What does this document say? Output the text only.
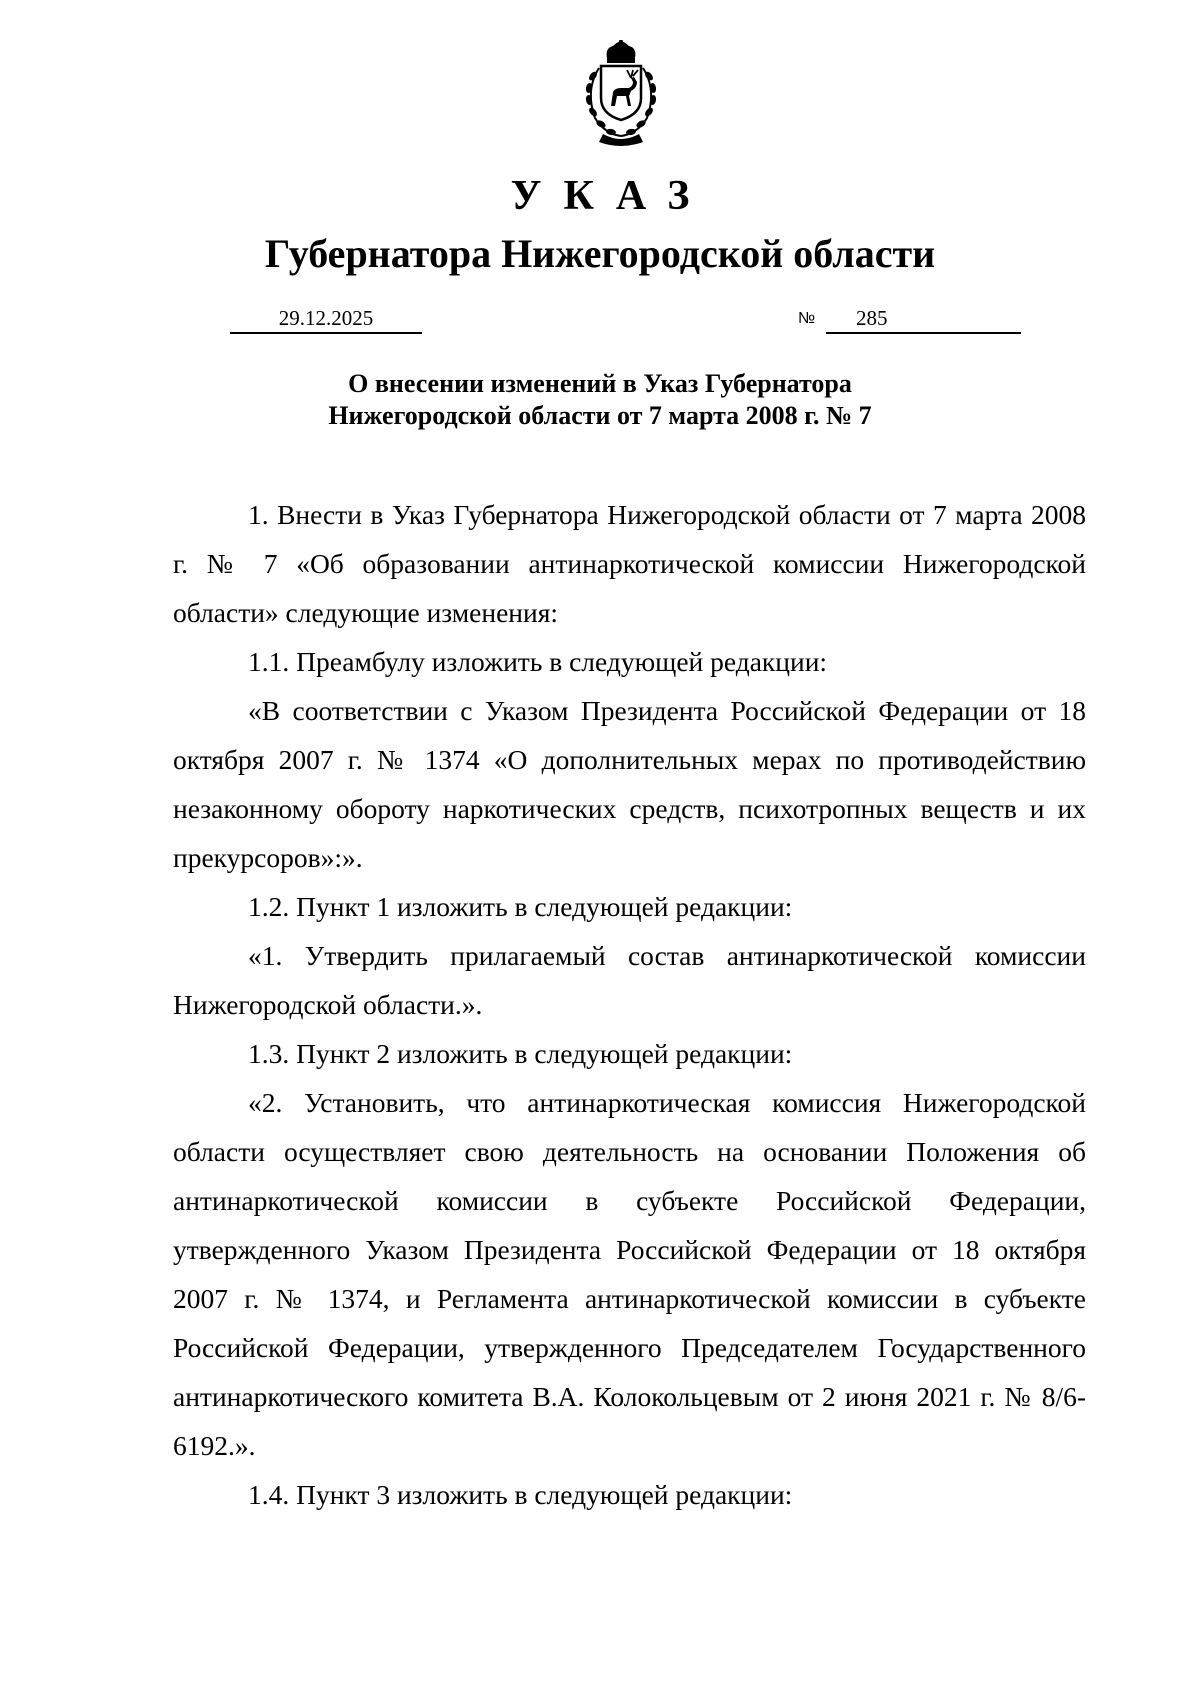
УКАЗ
Губернатора Нижегородской области
29.12.2025	№	285
О внесении изменений в Указ Губернатора
Нижегородской области от 7 марта 2008 г. № 7

1. Внести в Указ Губернатора Нижегородской области от 7 марта 2008 г. № 7 «Об образовании антинаркотической комиссии Нижегородской области» следующие изменения:

1.1. Преамбулу изложить в следующей редакции:

«В соответствии с Указом Президента Российской Федерации от 18 октября 2007 г. № 1374 «О дополнительных мерах по противодействию незаконному обороту наркотических средств, психотропных веществ и их прекурсоров»:».

1.2. Пункт 1 изложить в следующей редакции:

«1. Утвердить прилагаемый состав антинаркотической комиссии Нижегородской области.».

1.3. Пункт 2 изложить в следующей редакции:

«2. Установить, что антинаркотическая комиссия Нижегородской области осуществляет свою деятельность на основании Положения об антинаркотической комиссии в субъекте Российской Федерации, утвержденного Указом Президента Российской Федерации от 18 октября 2007 г. № 1374, и Регламента антинаркотической комиссии в субъекте Российской Федерации, утвержденного Председателем Государственного антинаркотического комитета В.А. Колокольцевым от 2 июня 2021 г. № 8/6-6192.».

1.4. Пункт 3 изложить в следующей редакции:
